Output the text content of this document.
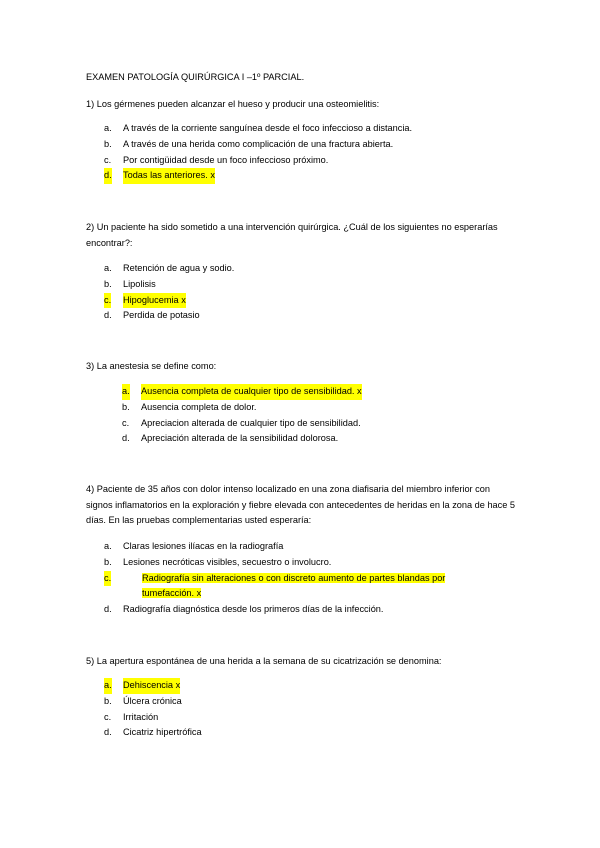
EXAMEN PATOLOGÍA QUIRÚRGICA I –1º PARCIAL.
1) Los gérmenes pueden alcanzar el hueso y producir una osteomielitis:
a. A través de la corriente sanguínea desde el foco infeccioso a distancia.
b. A través de una herida como complicación de una fractura abierta.
c. Por contigüidad desde un foco infeccioso próximo.
d. Todas las anteriores. x
2) Un paciente ha sido sometido a una intervención quirúrgica. ¿Cuál de los siguientes no esperarías encontrar?:
a. Retención de agua y sodio.
b. Lipolisis
c. Hipoglucemia x
d. Perdida de potasio
3) La anestesia se define como:
a. Ausencia completa de cualquier tipo de sensibilidad. x
b. Ausencia completa de dolor.
c. Apreciacion alterada de cualquier tipo de sensibilidad.
d. Apreciación alterada de la sensibilidad dolorosa.
4) Paciente de 35 años con dolor intenso localizado en una zona diafisaria del miembro inferior con signos inflamatorios en la exploración y fiebre elevada con antecedentes de heridas en la zona de hace 5 días. En las pruebas complementarias usted esperaría:
a. Claras lesiones ilíacas en la radiografía
b. Lesiones necróticas visibles, secuestro o involucro.
c.	Radiografía sin alteraciones o con discreto aumento de partes blandas por tumefacción. x
d. Radiografía diagnóstica desde los primeros días de la infección.
5) La apertura espontánea de una herida a la semana de su cicatrización se denomina:
a. Dehiscencia x
b. Úlcera crónica
c. Irritación
d. Cicatriz hipertrófica
